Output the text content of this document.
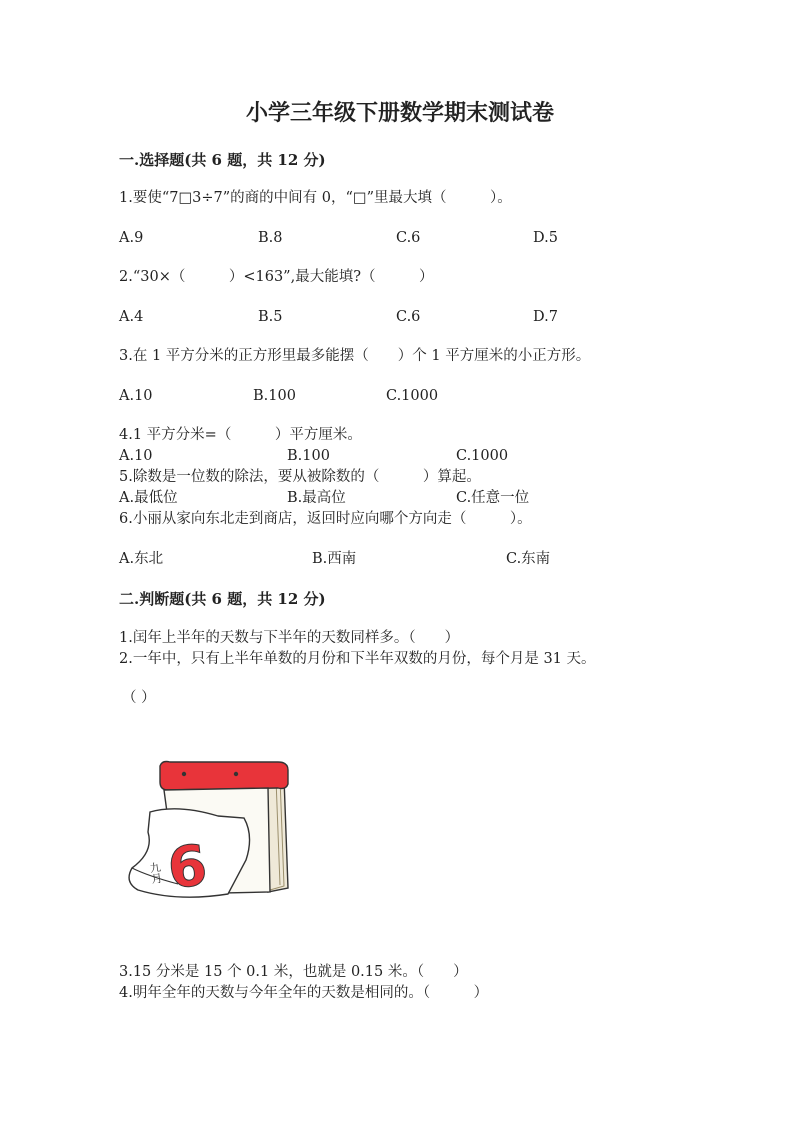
小学三年级下册数学期末测试卷
一.选择题(共 6 题，共 12 分)
1.要使“7□3÷7”的商的中间有 0，“□”里最大填（　　　）。
A.9	B.8	C.6	D.5
2.“30×（　　　）<163”,最大能填?（　　　）
A.4	B.5	C.6	D.7
3.在 1 平方分米的正方形里最多能摆（　　）个 1 平方厘米的小正方形。
A.10	B.100	C.1000
4.1 平方分米=（　　　）平方厘米。
A.10	B.100	C.1000
5.除数是一位数的除法，要从被除数的（　　　）算起。
A.最低位	B.最高位	C.任意一位
6.小丽从家向东北走到商店，返回时应向哪个方向走（　　　）。
A.东北	B.西南	C.东南
二.判断题(共 6 题，共 12 分)
1.闰年上半年的天数与下半年的天数同样多。（　　）
2.一年中，只有上半年单数的月份和下半年双数的月份，每个月是 31 天。
（ ）
九月 6
3.15 分米是 15 个 0.1 米，也就是 0.15 米。（　　）
4.明年全年的天数与今年全年的天数是相同的。（　　　）
